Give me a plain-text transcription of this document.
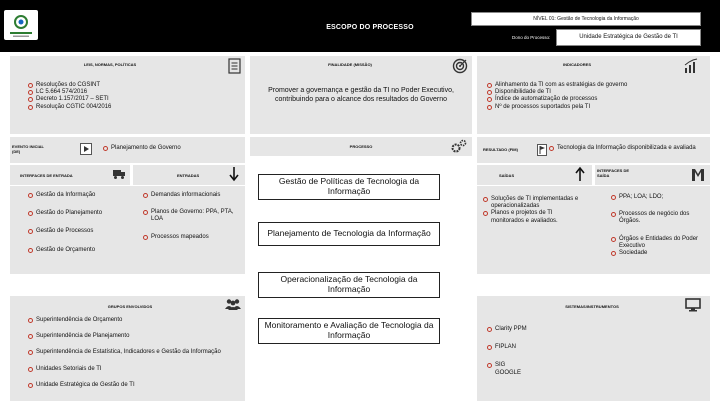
ESCOPO DO PROCESSO
NÍVEL 01: Gestão de Tecnologia da Informação
Dono do Processo:	Unidade Estratégica de Gestão de TI
LEIS, NORMAS, POLÍTICAS
Resoluções do CGSINT
LC 5.664 574/2016
Decreto 1.157/2017 – SETI
Resolução CGTIC 004/2016
FINALIDADE (MISSÃO)
Promover a governança e gestão da TI no Poder Executivo, contribuindo para o alcance dos resultados do Governo
INDICADORES
Alinhamento da TI com as estratégias de governo
Disponibilidade de TI
Índice de automatização de processos
Nº de processos suportados pela TI
EVENTO INICIAL (DE)
Planejamento de Governo	PROCESSO
RESULTADO (FIM)	Tecnologia da Informação disponibilizada e avaliada
INTERFACES DE ENTRADA	ENTRADAS
Gestão da Informação
Gestão do Planejamento
Gestão de Processos
Gestão de Orçamento
Demandas informacionais
Planos de Governo: PPA, PTA, LOA
Processos mapeados
Gestão de Políticas de Tecnologia da Informação
Planejamento de Tecnologia da Informação
Operacionalização de Tecnologia da Informação
Monitoramento e Avaliação de Tecnologia da Informação
SAÍDAS
INTERFACES DE SAÍDA
Soluções de TI implementadas e operacionalizadas
Planos e projetos de TI monitorados e avaliados.
PPA; LOA; LDO;
Processos de negócio dos Órgãos.
Órgãos e Entidades do Poder Executivo
Sociedade
GRUPOS ENVOLVIDOS
Superintendência de Orçamento
Superintendência de Planejamento
Superintendência de Estatística, Indicadores e Gestão da Informação
Unidades Setoriais de TI
Unidade Estratégica de Gestão de TI
SISTEMAS/INSTRUMENTOS
Clarity PPM
FIPLAN
SIG
GOOGLE
